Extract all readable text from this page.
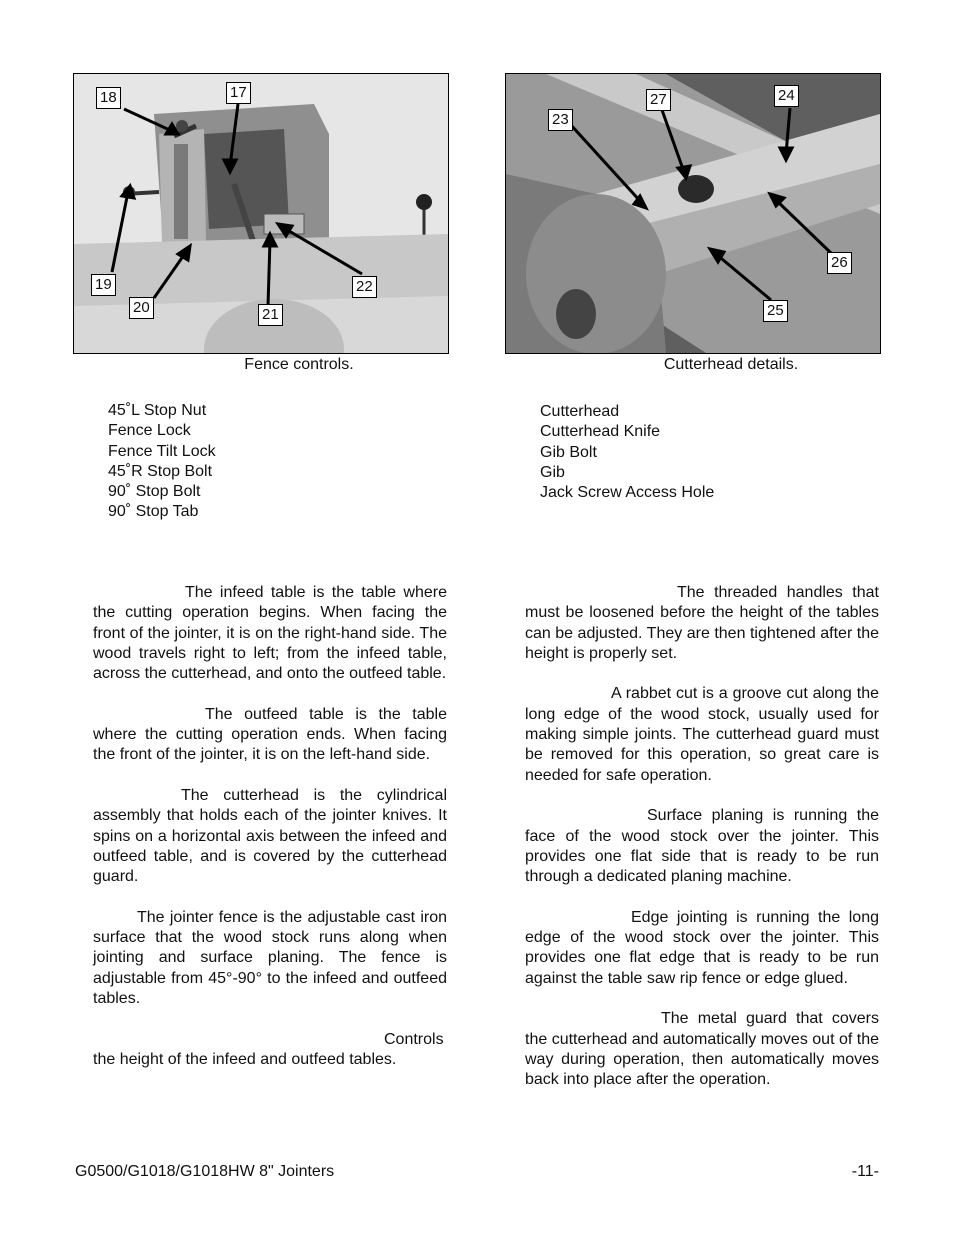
18	17
19
20	21
22
Fence controls.
23
27	24
26
25
Cutterhead details.
45˚L Stop Nut
Fence Lock
Fence Tilt Lock
45˚R Stop Bolt
90˚ Stop Bolt
90˚ Stop Tab
Cutterhead
Cutterhead Knife
Gib Bolt
Gib
Jack Screw Access Hole

The infeed table is the table where the cutting operation begins. When facing the front of the jointer, it is on the right-hand side. The wood travels right to left; from the infeed table, across the cutterhead, and onto the outfeed table.

The outfeed table is the table where the cutting operation ends. When facing the front of the jointer, it is on the left-hand side.

The cutterhead is the cylindrical assembly that holds each of the jointer knives. It spins on a horizontal axis between the infeed and outfeed table, and is covered by the cutterhead guard.

The jointer fence is the adjustable cast iron surface that the wood stock runs along when jointing and surface planing. The fence is adjustable from 45°-90° to the infeed and outfeed tables.

Controls the height of the infeed and outfeed tables.

The threaded handles that must be loosened before the height of the tables can be adjusted. They are then tightened after the height is properly set.

A rabbet cut is a groove cut along the long edge of the wood stock, usually used for making simple joints. The cutterhead guard must be removed for this operation, so great care is needed for safe operation.

Surface planing is running the face of the wood stock over the jointer. This provides one flat side that is ready to be run through a dedicated planing machine.

Edge jointing is running the long edge of the wood stock over the jointer. This provides one flat edge that is ready to be run against the table saw rip fence or edge glued.

The metal guard that covers the cutterhead and automatically moves out of the way during operation, then automatically moves back into place after the operation.

G0500/G1018/G1018HW 8" Jointers	-11-
